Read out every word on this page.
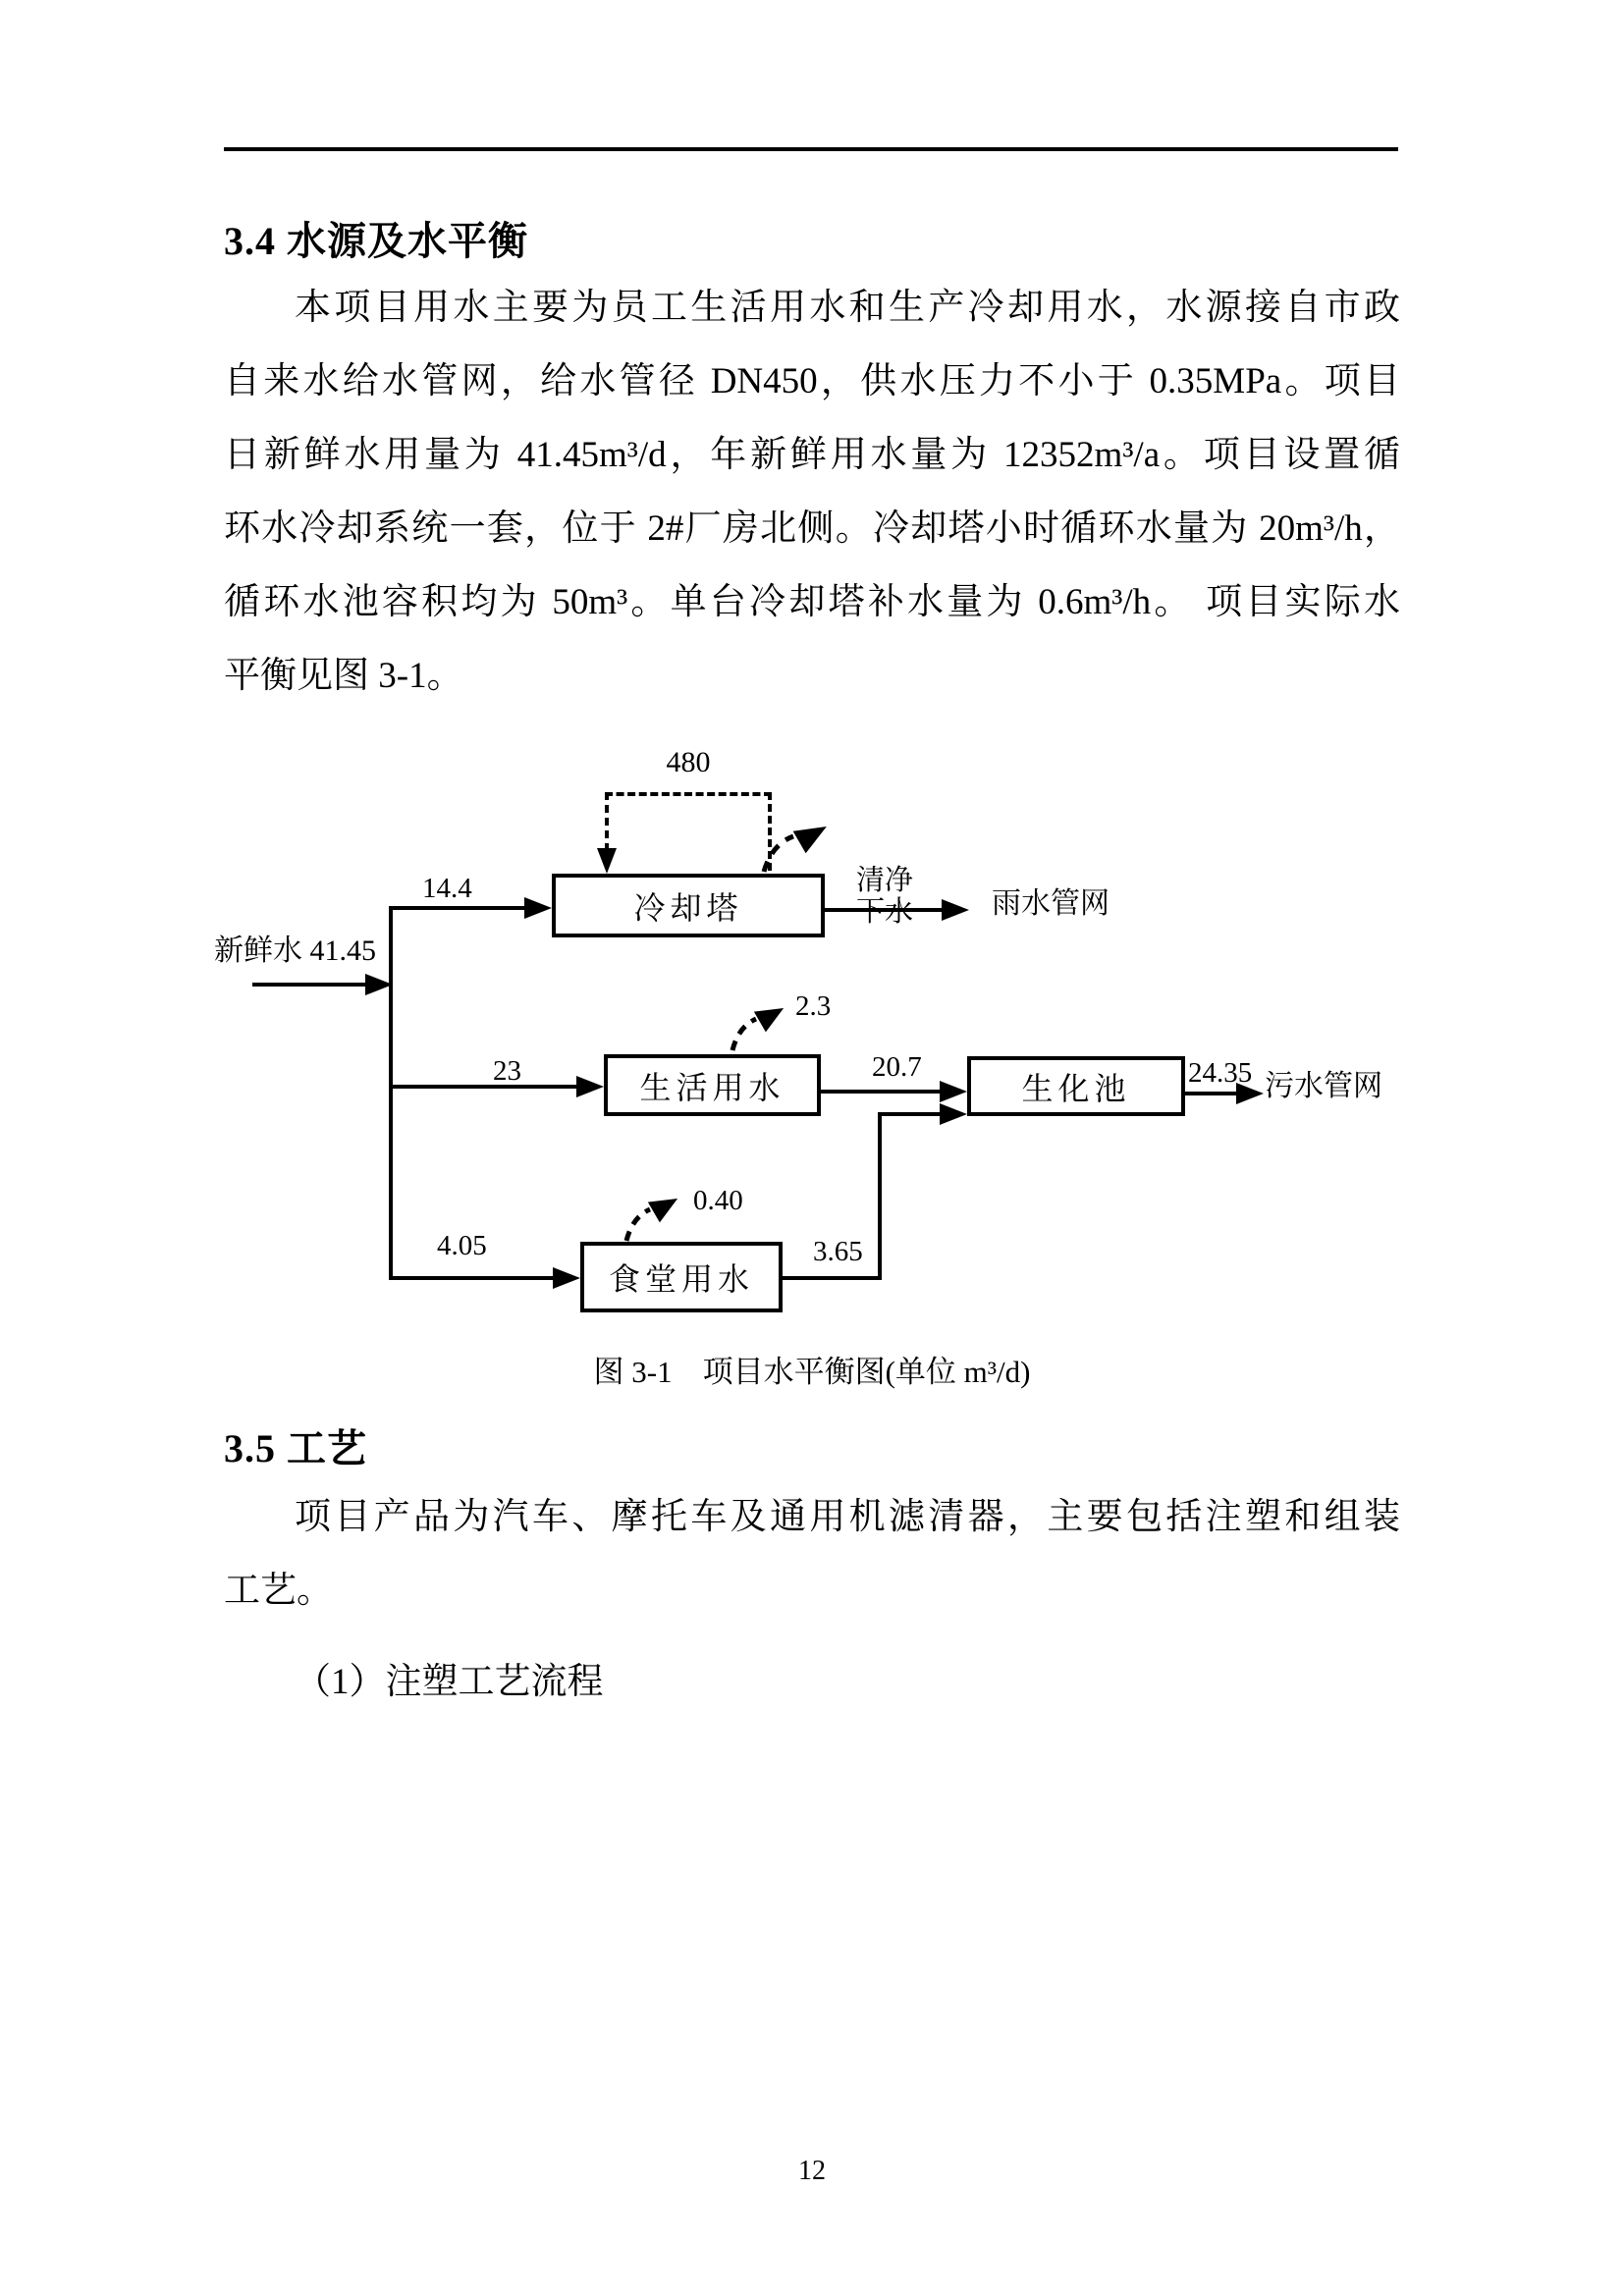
3.4 水源及水平衡
本项目用水主要为员工生活用水和生产冷却用水，水源接自市政
自来水给水管网，给水管径 DN450，供水压力不小于 0.35MPa。项目
日新鲜水用量为 41.45m³/d，年新鲜用水量为 12352m³/a。项目设置循
环水冷却系统一套，位于 2#厂房北侧。冷却塔小时循环水量为 20m³/h，
循环水池容积均为 50m³。单台冷却塔补水量为 0.6m³/h。 项目实际水
平衡见图 3-1。
480
14.4
冷却塔
清净
下水	雨水管网
新鲜水 41.45
23	生活用水
2.3
20.7
生化池	24.35 污水管网
4.05
食堂用水
0.40
3.65
图 3-1　项目水平衡图(单位 m³/d)
3.5 工艺
项目产品为汽车、摩托车及通用机滤清器，主要包括注塑和组装
工艺。
（1）注塑工艺流程
12
